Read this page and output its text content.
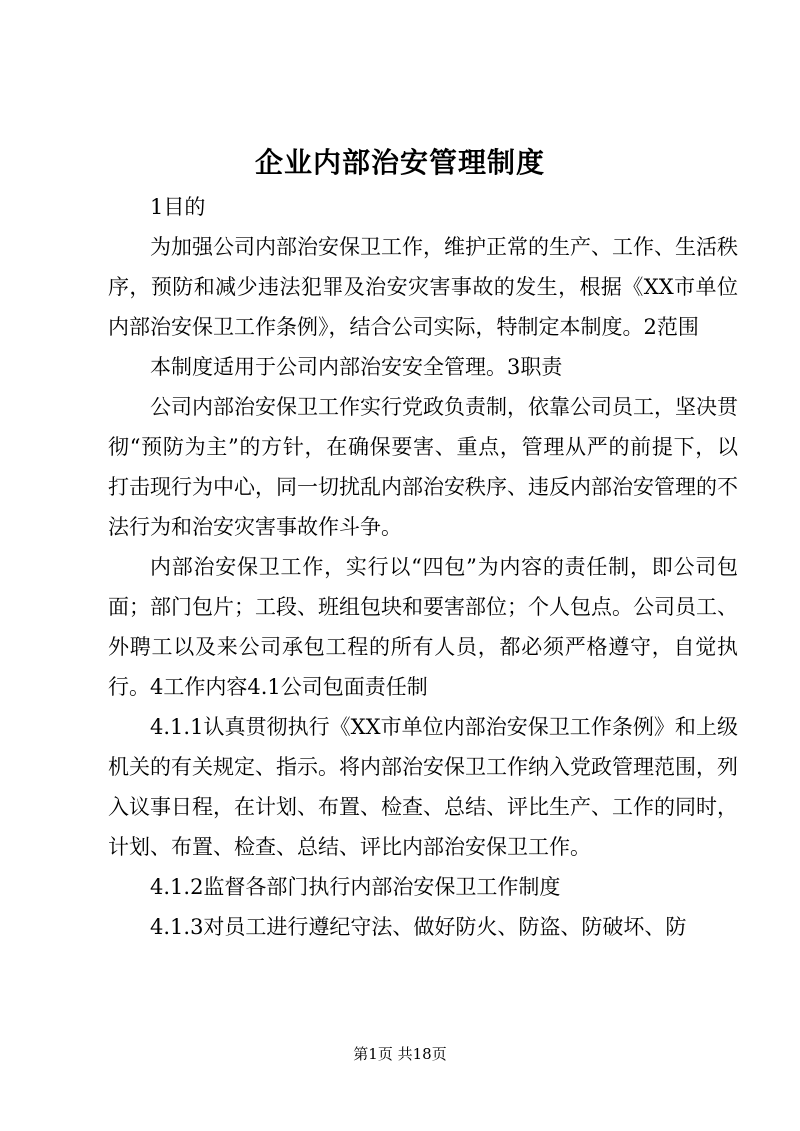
企业内部治安管理制度

1目的

为加强公司内部治安保卫工作，维护正常的生产、工作、生活秩序，预防和减少违法犯罪及治安灾害事故的发生，根据《XX市单位内部治安保卫工作条例》，结合公司实际，特制定本制度。2范围

本制度适用于公司内部治安安全管理。3职责

公司内部治安保卫工作实行党政负责制，依靠公司员工，坚决贯彻“预防为主”的方针，在确保要害、重点，管理从严的前提下，以打击现行为中心，同一切扰乱内部治安秩序、违反内部治安管理的不法行为和治安灾害事故作斗争。

内部治安保卫工作，实行以“四包”为内容的责任制，即公司包面；部门包片；工段、班组包块和要害部位；个人包点。公司员工、外聘工以及来公司承包工程的所有人员，都必须严格遵守，自觉执行。4工作内容4.1公司包面责任制

4.1.1认真贯彻执行《XX市单位内部治安保卫工作条例》和上级机关的有关规定、指示。将内部治安保卫工作纳入党政管理范围，列入议事日程，在计划、布置、检查、总结、评比生产、工作的同时，计划、布置、检查、总结、评比内部治安保卫工作。

4.1.2监督各部门执行内部治安保卫工作制度

4.1.3对员工进行遵纪守法、做好防火、防盗、防破坏、防

第1页 共18页
